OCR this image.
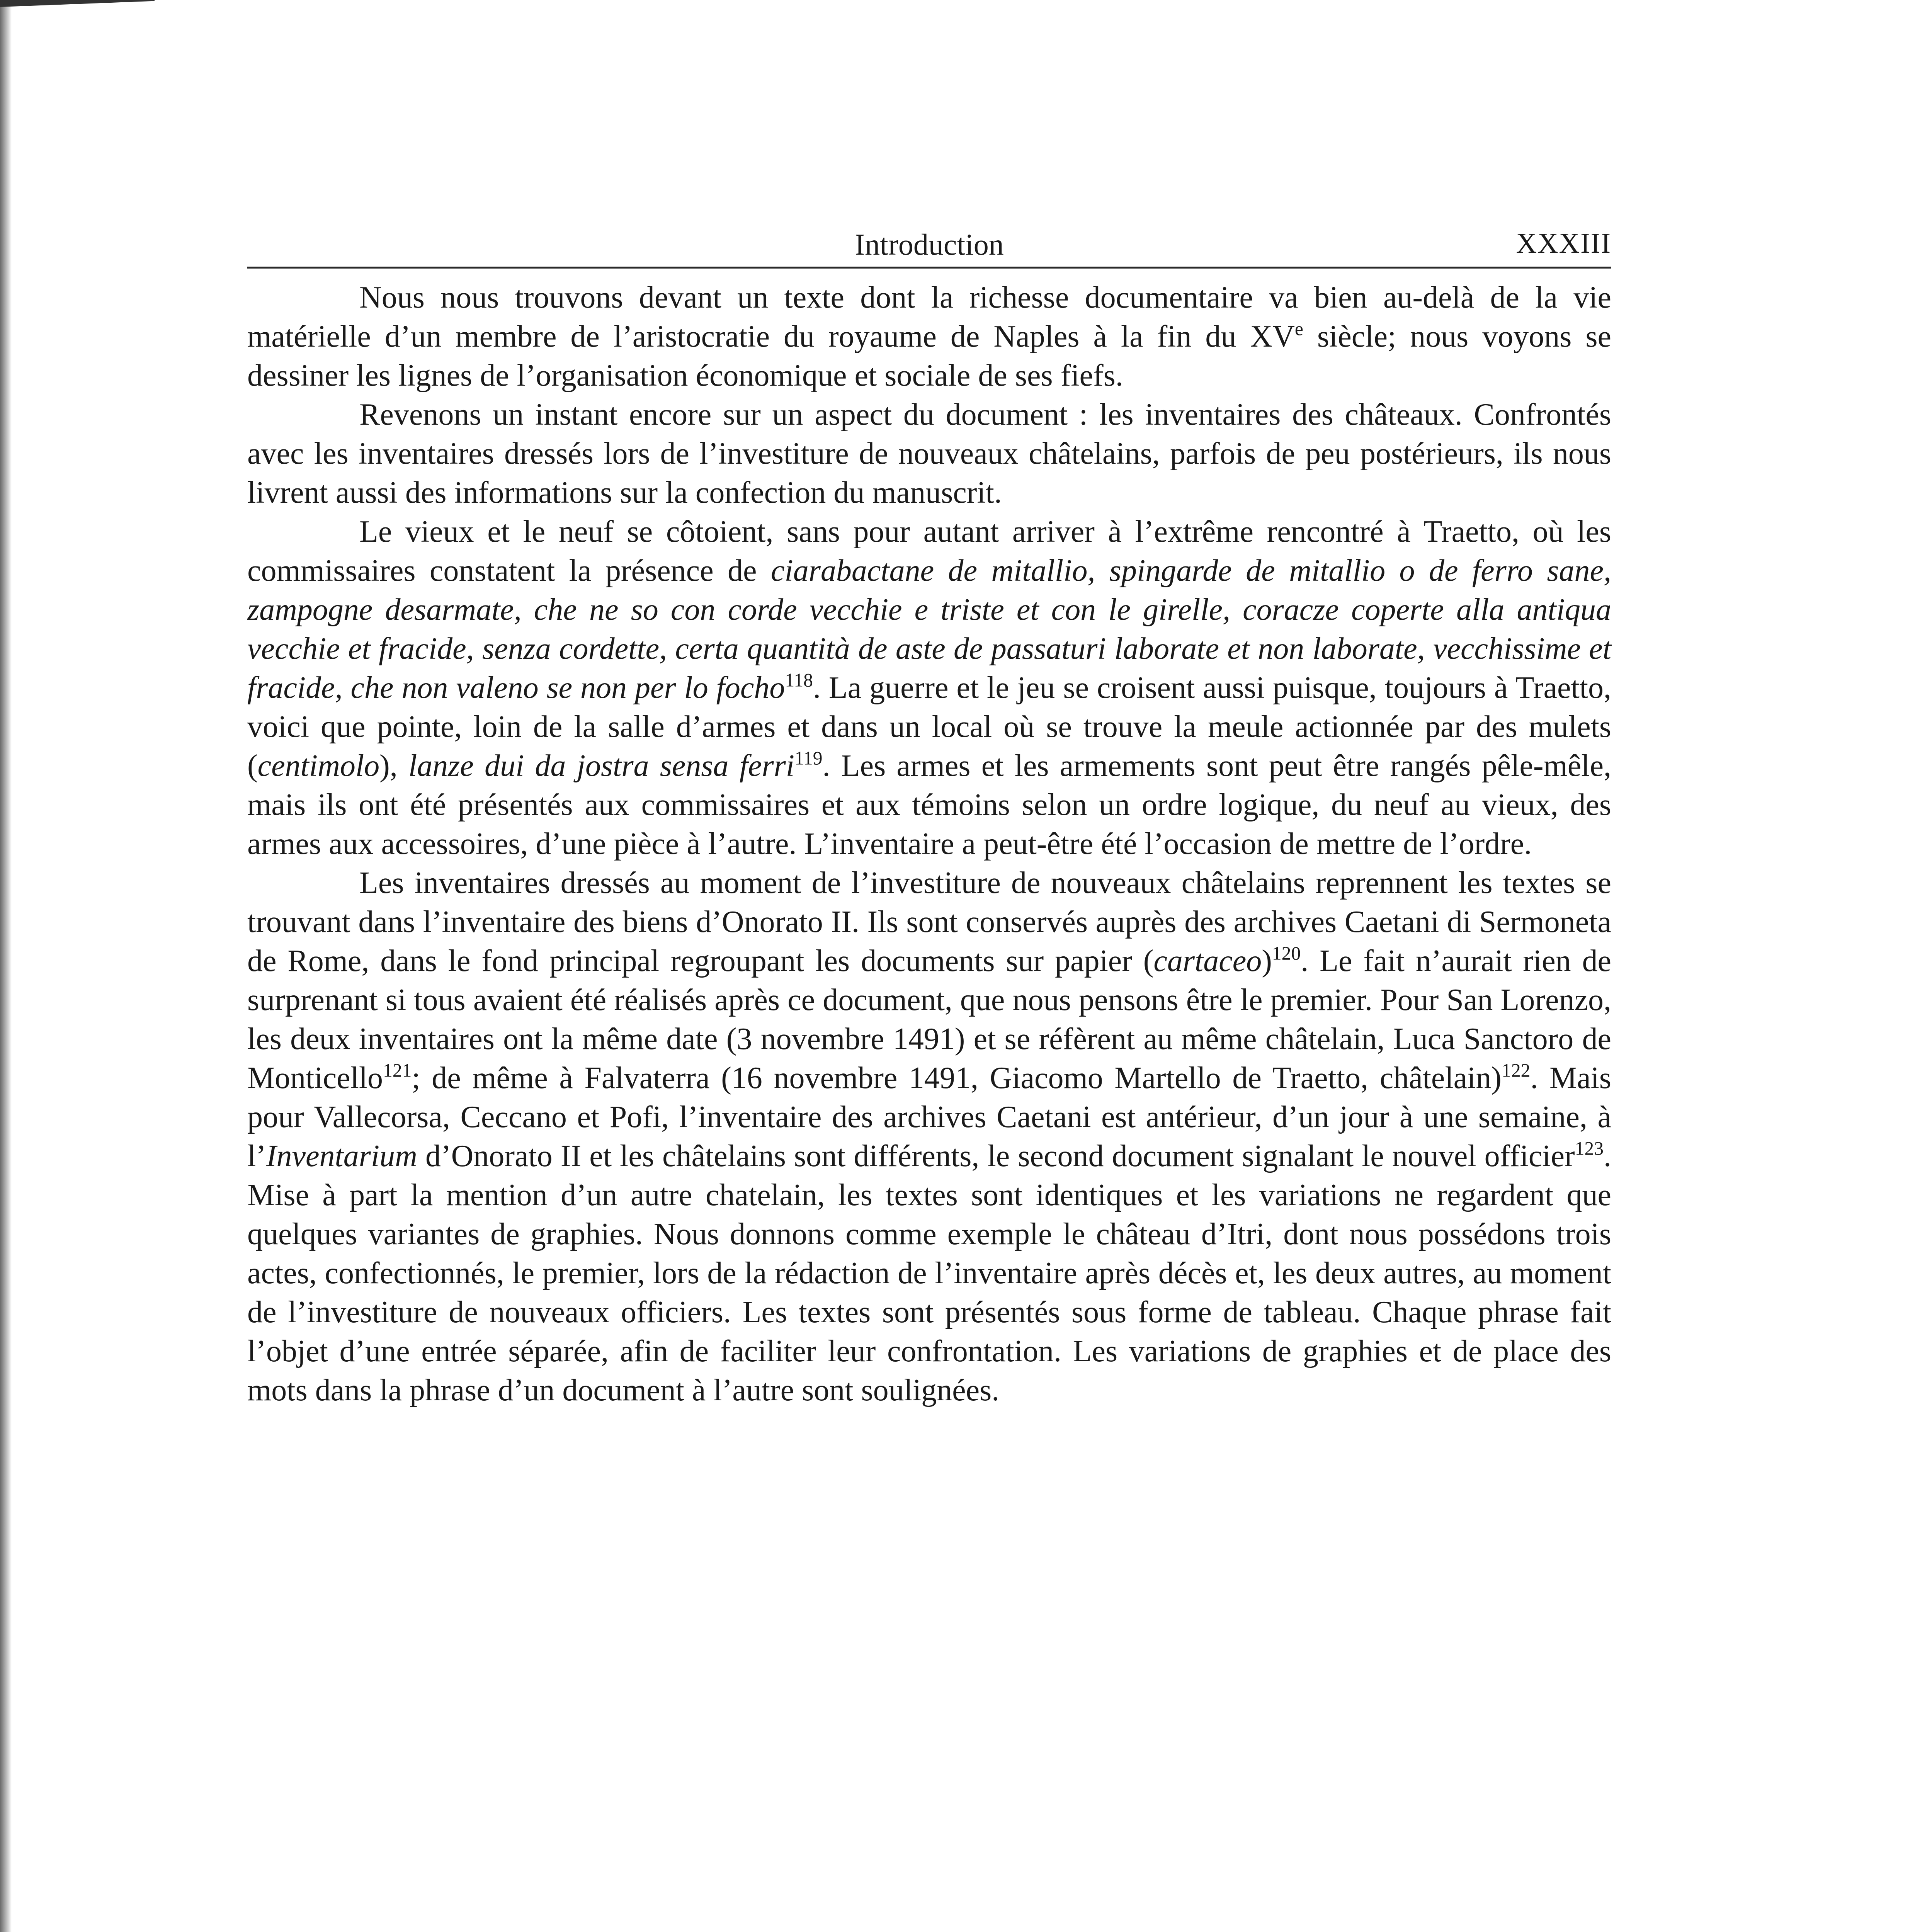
Introduction	XXXIII

Nous nous trouvons devant un texte dont la richesse documentaire va bien au-delà de la vie matérielle d’un membre de l’aristocratie du royaume de Naples à la fin du XVe siècle; nous voyons se dessiner les lignes de l’organisation économique et sociale de ses fiefs.

Revenons un instant encore sur un aspect du document : les inventaires des châteaux. Confrontés avec les inventaires dressés lors de l’investiture de nouveaux châtelains, parfois de peu postérieurs, ils nous livrent aussi des informations sur la confection du manuscrit.

Le vieux et le neuf se côtoient, sans pour autant arriver à l’extrême rencontré à Traetto, où les commissaires constatent la présence de ciarabactane de mitallio, spingarde de mitallio o de ferro sane, zampogne desarmate, che ne so con corde vecchie e triste et con le girelle, coracze coperte alla antiqua vecchie et fracide, senza cordette, certa quantità de aste de passaturi laborate et non laborate, vecchissime et fracide, che non valeno se non per lo focho$^{118}$. La guerre et le jeu se croisent aussi puisque, toujours à Traetto, voici que pointe, loin de la salle d’armes et dans un local où se trouve la meule actionnée par des mulets (centimolo), lanze dui da jostra sensa ferri$^{119}$. Les armes et les armements sont peut être rangés pêle-mêle, mais ils ont été présentés aux commissaires et aux témoins selon un ordre logique, du neuf au vieux, des armes aux accessoires, d’une pièce à l’autre. L’inventaire a peut-être été l’occasion de mettre de l’ordre.

Les inventaires dressés au moment de l’investiture de nouveaux châtelains reprennent les textes se trouvant dans l’inventaire des biens d’Onorato II. Ils sont conservés auprès des archives Caetani di Sermoneta de Rome, dans le fond principal regroupant les documents sur papier (cartaceo)$^{120}$. Le fait n’aurait rien de surprenant si tous avaient été réalisés après ce document, que nous pensons être le premier. Pour San Lorenzo, les deux inventaires ont la même date (3 novembre 1491) et se réfèrent au même châtelain, Luca Sanctoro de Monticello$^{121}$; de même à Falvaterra (16 novembre 1491, Giacomo Martello de Traetto, châtelain)$^{122}$. Mais pour Vallecorsa, Ceccano et Pofi, l’inventaire des archives Caetani est antérieur, d’un jour à une semaine, à l’Inventarium d’Onorato II et les châtelains sont différents, le second document signalant le nouvel officier$^{123}$. Mise à part la mention d’un autre chatelain, les textes sont identiques et les variations ne regardent que quelques variantes de graphies. Nous donnons comme exemple le château d’Itri, dont nous possédons trois actes, confectionnés, le premier, lors de la rédaction de l’inventaire après décès et, les deux autres, au moment de l’investiture de nouveaux officiers. Les textes sont présentés sous forme de tableau. Chaque phrase fait l’objet d’une entrée séparée, afin de faciliter leur confrontation. Les variations de graphies et de place des mots dans la phrase d’un document à l’autre sont soulignées.
